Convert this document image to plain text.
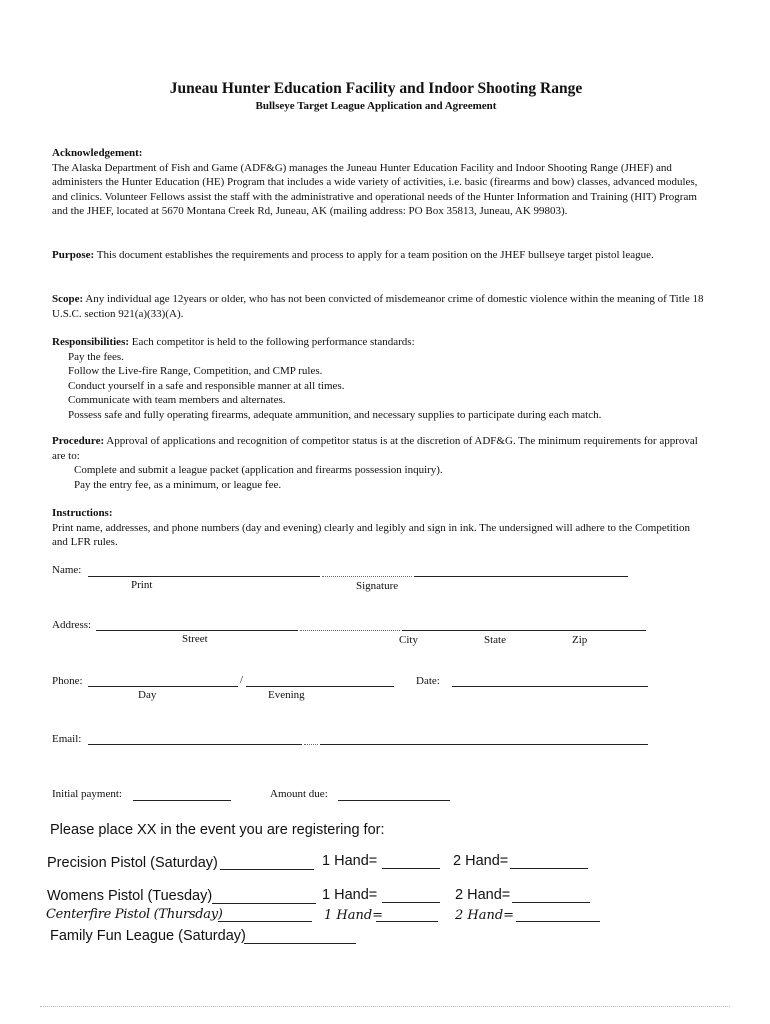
Juneau Hunter Education Facility and Indoor Shooting Range
Bullseye Target League Application and Agreement
Acknowledgement:
The Alaska Department of Fish and Game (ADF&G) manages the Juneau Hunter Education Facility and Indoor Shooting Range (JHEF) and administers the Hunter Education (HE) Program that includes a wide variety of activities, i.e. basic (firearms and bow) classes, advanced modules, and clinics. Volunteer Fellows assist the staff with the administrative and operational needs of the Hunter Information and Training (HIT) Program and the JHEF, located at 5670 Montana Creek Rd, Juneau, AK (mailing address: PO Box 35813, Juneau, AK 99803).
Purpose: This document establishes the requirements and process to apply for a team position on the JHEF bullseye target pistol league.
Scope: Any individual age 12years or older, who has not been convicted of misdemeanor crime of domestic violence within the meaning of Title 18 U.S.C. section 921(a)(33)(A).
Responsibilities: Each competitor is held to the following performance standards:
Pay the fees.
Follow the Live-fire Range, Competition, and CMP rules.
Conduct yourself in a safe and responsible manner at all times.
Communicate with team members and alternates.
Possess safe and fully operating firearms, adequate ammunition, and necessary supplies to participate during each match.
Procedure: Approval of applications and recognition of competitor status is at the discretion of ADF&G. The minimum requirements for approval are to:
Complete and submit a league packet (application and firearms possession inquiry).
Pay the entry fee, as a minimum, or league fee.
Instructions:
Print name, addresses, and phone numbers (day and evening) clearly and legibly and sign in ink. The undersigned will adhere to the Competition and LFR rules.
Name:
Print	Signature
Address:
Street	City	State	Zip
Phone:	/
Day	Evening
Date:
Email:
Initial payment:	Amount due:
Please place XX in the event you are registering for:
Precision Pistol (Saturday)	1 Hand=	2 Hand=
Womens Pistol (Tuesday)	1 Hand=	2 Hand=
Centerfire Pistol (Thursday)	1 Hand=	2 Hand=
Family Fun League (Saturday)
